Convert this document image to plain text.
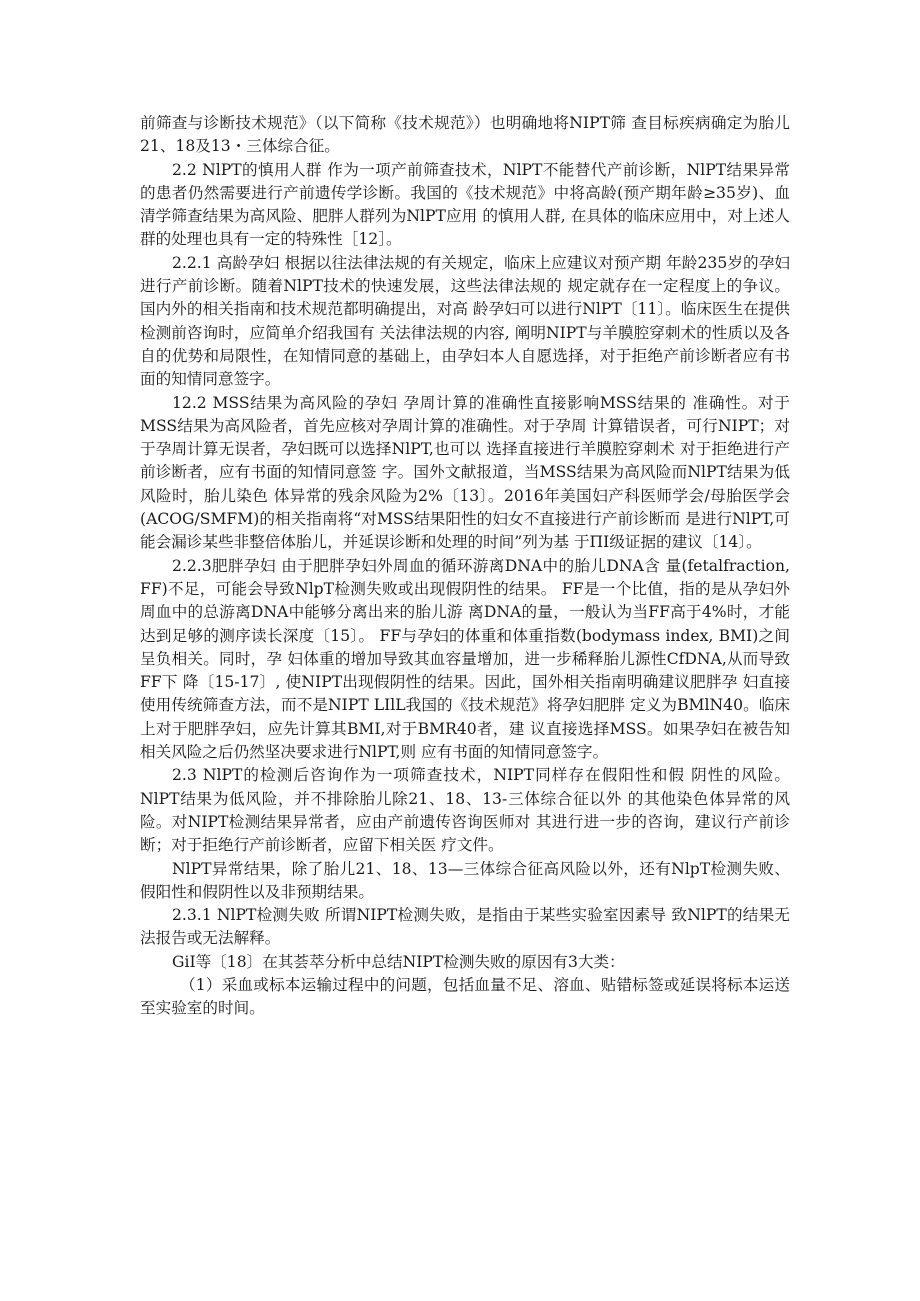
前筛查与诊断技术规范》（以下简称《技术规范》）也明确地将NIPT筛 查目标疾病确定为胎儿21、18及13・三体综合征。

2.2 NlPT的慎用人群 作为一项产前筛查技术，NlPT不能替代产前诊断，NlPT结果异常的患者仍然需要进行产前遗传学诊断。我国的《技术规范》中将高龄(预产期年龄≥35岁)、血清学筛查结果为高风险、肥胖人群列为NlPT应用 的慎用人群, 在具体的临床应用中，对上述人群的处理也具有一定的特殊性［12］。

2.2.1 高龄孕妇 根据以往法律法规的有关规定，临床上应建议对预产期 年龄235岁的孕妇进行产前诊断。随着NlPT技术的快速发展，这些法律法规的 规定就存在一定程度上的争议。国内外的相关指南和技术规范都明确提出，对高 龄孕妇可以进行NlPT〔11〕。临床医生在提供检测前咨询时，应简单介绍我国有 关法律法规的内容, 阐明NIPT与羊膜腔穿刺术的性质以及各自的优势和局限性，在知情同意的基础上，由孕妇本人自愿选择，对于拒绝产前诊断者应有书面的知情同意签字。

12.2 MSS结果为高风险的孕妇 孕周计算的准确性直接影响MSS结果的 准确性。对于MSS结果为高风险者，首先应核对孕周计算的准确性。对于孕周 计算错误者，可行NIPT；对于孕周计算无误者，孕妇既可以选择NlPT,也可以 选择直接进行羊膜腔穿刺术 对于拒绝进行产前诊断者，应有书面的知情同意签 字。国外文献报道，当MSS结果为高风险而NlPT结果为低风险时，胎儿染色 体异常的残余风险为2%〔13〕。2016年美国妇产科医师学会/母胎医学会 (ACOG/SMFM)的相关指南将“对MSS结果阳性的妇女不直接进行产前诊断而 是进行NlPT,可能会漏诊某些非整倍体胎儿，并延误诊断和处理的时间”列为基 于ПI级证据的建议〔14〕。

2.2.3肥胖孕妇 由于肥胖孕妇外周血的循环游离DNA中的胎儿DNA含 量(fetalfraction, FF)不足，可能会导致NlpT检测失败或出现假阴性的结果。 FF是一个比值，指的是从孕妇外周血中的总游离DNA中能够分离出来的胎儿游 离DNA的量，一般认为当FF高于4%时，才能达到足够的测序读长深度〔15〕。 FF与孕妇的体重和体重指数(bodymass index, BMI)之间呈负相关。同时，孕 妇体重的增加导致其血容量增加，进一步稀释胎儿源性CfDNA,从而导致FF下 降〔15-17〕, 使NIPT出现假阴性的结果。因此，国外相关指南明确建议肥胖孕 妇直接使用传统筛查方法，而不是NIPT LIlL我国的《技术规范》将孕妇肥胖 定义为BMlN40。临床上对于肥胖孕妇，应先计算其BMI,对于BMR40者，建 议直接选择MSS。如果孕妇在被告知相关风险之后仍然坚决要求进行NlPT,则 应有书面的知情同意签字。

2.3 NlPT的检测后咨询作为一项筛查技术，NIPT同样存在假阳性和假 阴性的风险。NlPT结果为低风险，并不排除胎儿除21、18、13-三体综合征以外 的其他染色体异常的风险。对NIPT检测结果异常者，应由产前遗传咨询医师对 其进行进一步的咨询，建议行产前诊断；对于拒绝行产前诊断者，应留下相关医 疗文件。

NlPT异常结果，除了胎儿21、18、13—三体综合征高风险以外，还有NlpT检测失败、假阳性和假阴性以及非预期结果。

2.3.1 NlPT检测失败 所谓NIPT检测失败，是指由于某些实验室因素导 致NlPT的结果无法报告或无法解释。

GiI等〔18〕在其荟萃分析中总结NIPT检测失败的原因有3大类：

（1）采血或标本运输过程中的问题，包括血量不足、溶血、贴错标签或延误将标本运送至实验室的时间。
